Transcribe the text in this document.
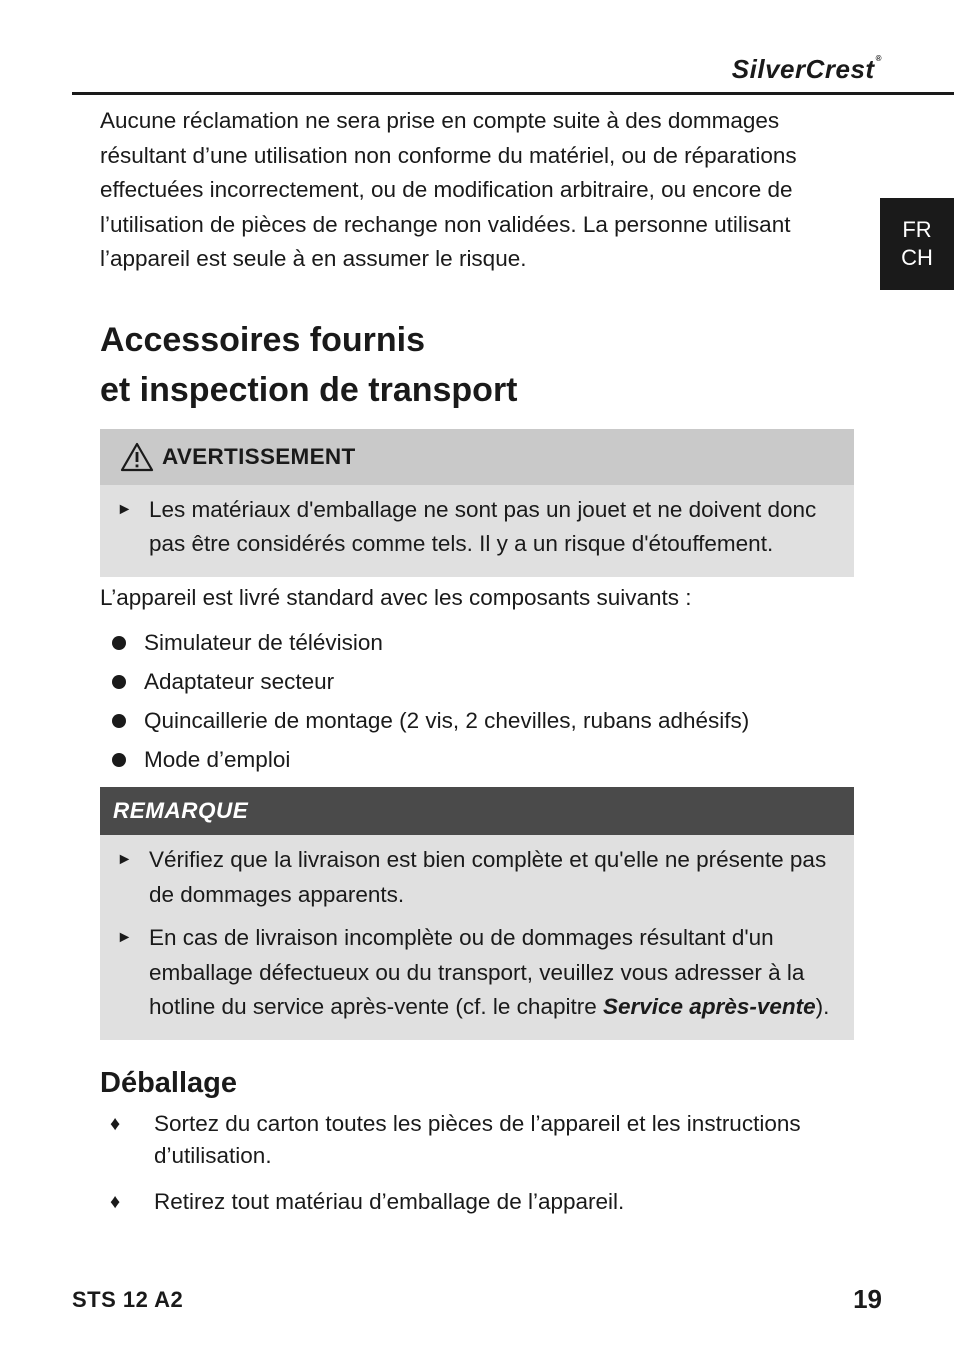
SilverCrest®
FR
CH

Aucune réclamation ne sera prise en compte suite à des dommages résultant d’une utilisation non conforme du matériel, ou de réparations effectuées incorrectement, ou de modification arbitraire, ou encore de l’utilisation de pièces de rechange non validées. La personne utilisant l’appareil est seule à en assumer le risque.

Accessoires fournis
et inspection de transport
AVERTISSEMENT
► Les matériaux d'emballage ne sont pas un jouet et ne doivent donc pas être considérés comme tels. Il y a un risque d'étouffement.

L’appareil est livré standard avec les composants suivants :

Simulateur de télévision
Adaptateur secteur
Quincaillerie de montage (2 vis, 2 chevilles, rubans adhésifs)
Mode d’emploi
REMARQUE
► Vérifiez que la livraison est bien complète et qu'elle ne présente pas de dommages apparents.
► En cas de livraison incomplète ou de dommages résultant d'un emballage défectueux ou du transport, veuillez vous adresser à la hotline du service après-vente (cf. le chapitre Service après-vente).
Déballage
♦	Sortez du carton toutes les pièces de l’appareil et les instructions d’utilisation.
♦	Retirez tout matériau d’emballage de l’appareil.
STS 12 A2	19
